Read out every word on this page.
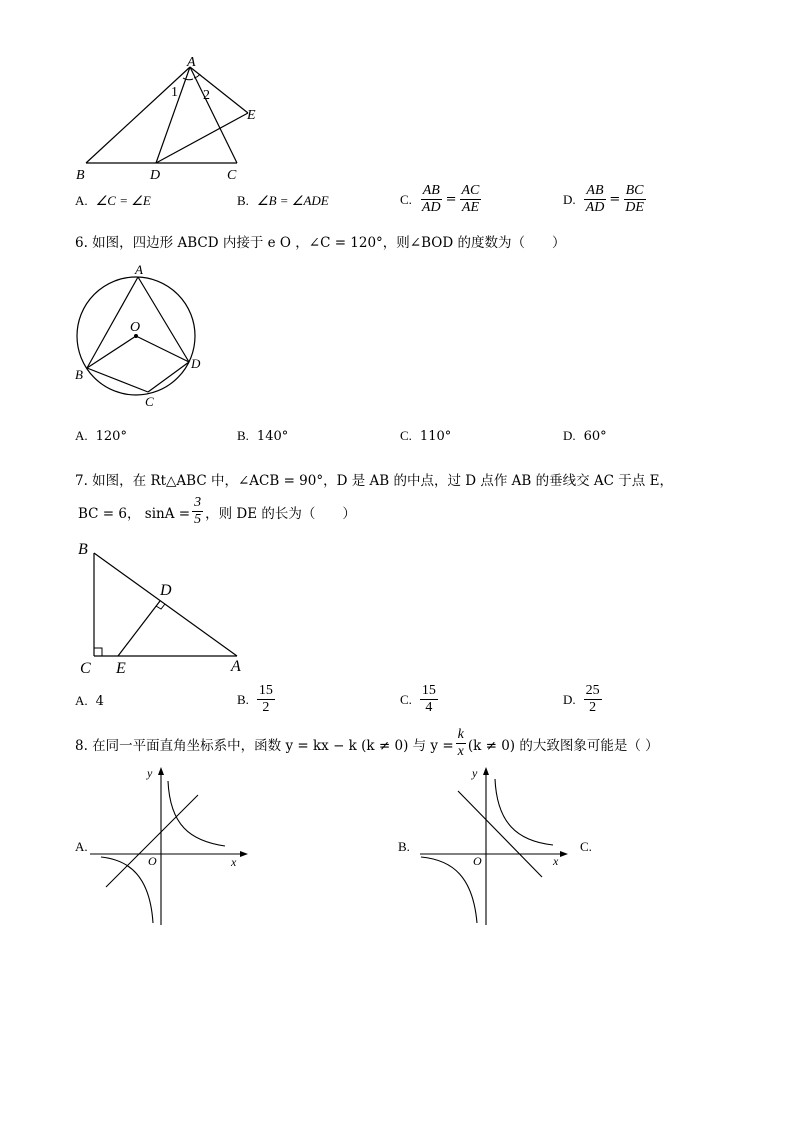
A
1 2
E
B	D	C
A. ∠C = ∠E	B. ∠B = ∠ADE	C. $\frac{AB}{AD} = \frac{AC}{AE}$	D. $\frac{AB}{AD} = \frac{BC}{DE}$
6. 如图，四边形 ABCD 内接于 e O ，∠C = 120°，则∠BOD 的度数为（　　）
A
O
B
D
C
A. 120°	B. 140°	C. 110°	D. 60°
7. 如图，在 Rt△ABC 中，∠ACB = 90°，D 是 AB 的中点，过 D 点作 AB 的垂线交 AC 于点 E，
BC = 6， $\sin A = \frac{3}{5}$ ，则 DE 的长为（　　）
B
D
C E	A
A. 4	B. $\frac{15}{2}$	C. $\frac{15}{4}$	D. $\frac{25}{2}$
8. 在同一平面直角坐标系中，函数 y = kx − k (k ≠ 0) 与 $y = \frac{k}{x} (k \ne 0)$ 的大致图象可能是（ ）
A.
y
x
O
B.
y
x
O
C.
